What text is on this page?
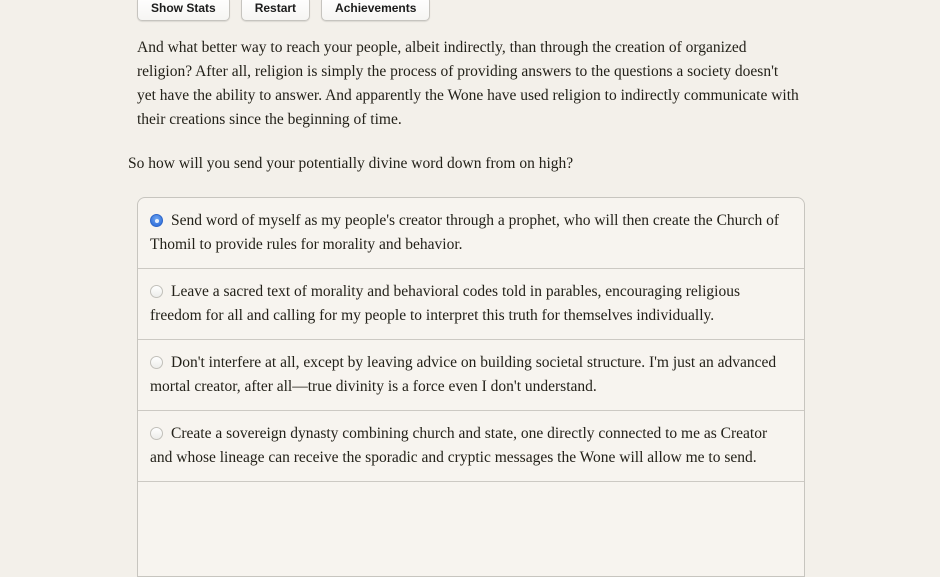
Show Stats	Restart	Achievements

And what better way to reach your people, albeit indirectly, than through the creation of organized religion? After all, religion is simply the process of providing answers to the questions a society doesn't yet have the ability to answer. And apparently the Wone have used religion to indirectly communicate with their creations since the beginning of time.

So how will you send your potentially divine word down from on high?

Send word of myself as my people's creator through a prophet, who will then create the Church of Thomil to provide rules for morality and behavior.
Leave a sacred text of morality and behavioral codes told in parables, encouraging religious freedom for all and calling for my people to interpret this truth for themselves individually.
Don't interfere at all, except by leaving advice on building societal structure. I'm just an advanced mortal creator, after all—true divinity is a force even I don't understand.
Create a sovereign dynasty combining church and state, one directly connected to me as Creator and whose lineage can receive the sporadic and cryptic messages the Wone will allow me to send.
